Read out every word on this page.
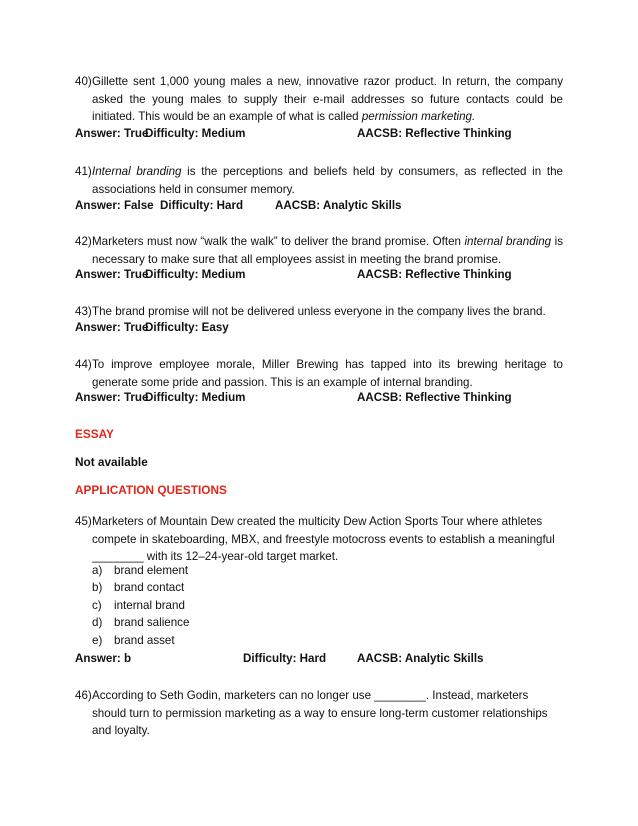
40) Gillette sent 1,000 young males a new, innovative razor product. In return, the company asked the young males to supply their e-mail addresses so future contacts could be initiated. This would be an example of what is called permission marketing.
Answer: True
Difficulty: Medium	AACSB: Reflective Thinking
41) Internal branding is the perceptions and beliefs held by consumers, as reflected in the associations held in consumer memory.
Answer: False Difficulty: Hard	AACSB: Analytic Skills
42) Marketers must now “walk the walk” to deliver the brand promise. Often internal branding is necessary to make sure that all employees assist in meeting the brand promise.
Answer: True
Difficulty: Medium	AACSB: Reflective Thinking
43) The brand promise will not be delivered unless everyone in the company lives the brand.
Answer: True
Difficulty: Easy
44) To improve employee morale, Miller Brewing has tapped into its brewing heritage to generate some pride and passion. This is an example of internal branding.
Answer: True
Difficulty: Medium	AACSB: Reflective Thinking
ESSAY
Not available
APPLICATION QUESTIONS
45) Marketers of Mountain Dew created the multicity Dew Action Sports Tour where athletes compete in skateboarding, MBX, and freestyle motocross events to establish a meaningful ________ with its 12–24-year-old target market.
a) brand element
b) brand contact
c) internal brand
d) brand salience
e) brand asset
Answer: b	Difficulty: Hard	AACSB: Analytic Skills
46) According to Seth Godin, marketers can no longer use ________. Instead, marketers should turn to permission marketing as a way to ensure long-term customer relationships and loyalty.
